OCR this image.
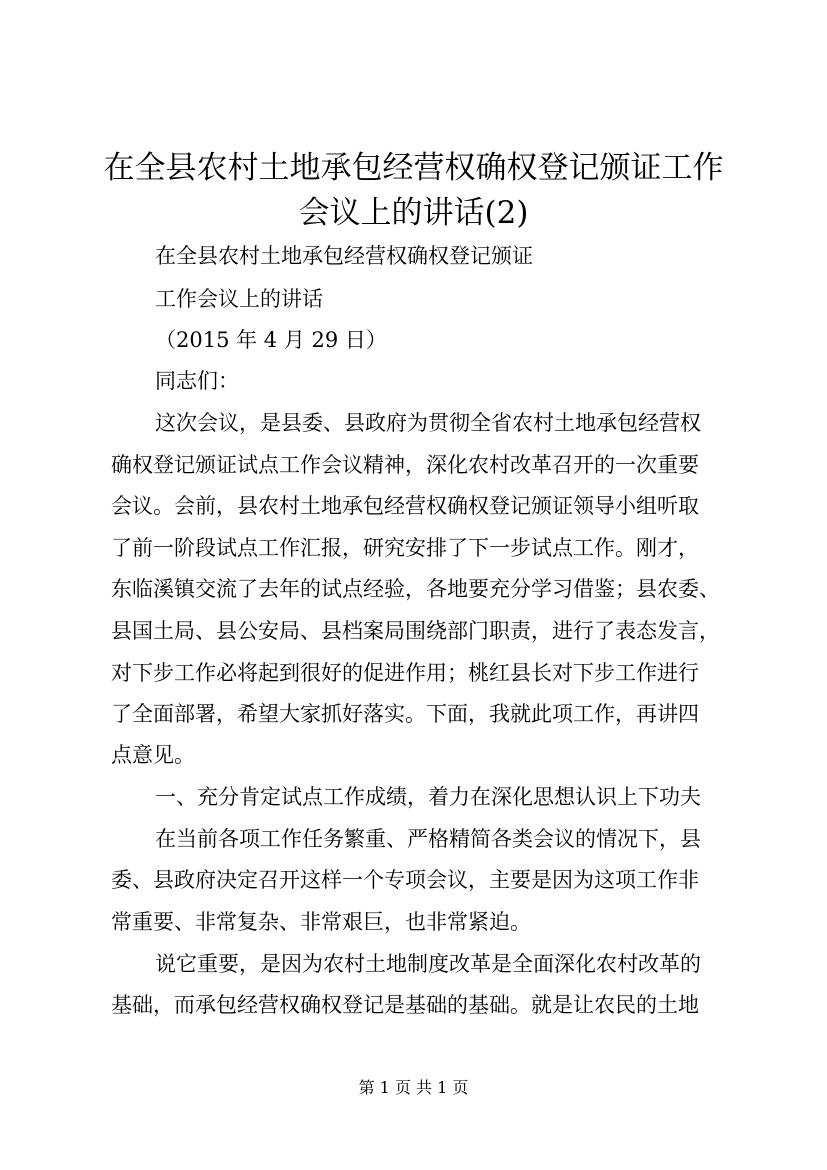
在全县农村土地承包经营权确权登记颁证工作
会议上的讲话(2)

在全县农村土地承包经营权确权登记颁证

工作会议上的讲话

（2015 年 4 月 29 日）

同志们：

这次会议，是县委、县政府为贯彻全省农村土地承包经营权

确权登记颁证试点工作会议精神，深化农村改革召开的一次重要

会议。会前，县农村土地承包经营权确权登记颁证领导小组听取

了前一阶段试点工作汇报，研究安排了下一步试点工作。刚才，

东临溪镇交流了去年的试点经验，各地要充分学习借鉴；县农委、

县国土局、县公安局、县档案局围绕部门职责，进行了表态发言，

对下步工作必将起到很好的促进作用；桃红县长对下步工作进行

了全面部署，希望大家抓好落实。下面，我就此项工作，再讲四

点意见。

一、充分肯定试点工作成绩，着力在深化思想认识上下功夫

在当前各项工作任务繁重、严格精简各类会议的情况下，县

委、县政府决定召开这样一个专项会议，主要是因为这项工作非

常重要、非常复杂、非常艰巨，也非常紧迫。

说它重要，是因为农村土地制度改革是全面深化农村改革的

基础，而承包经营权确权登记是基础的基础。就是让农民的土地

第 1 页 共 1 页
